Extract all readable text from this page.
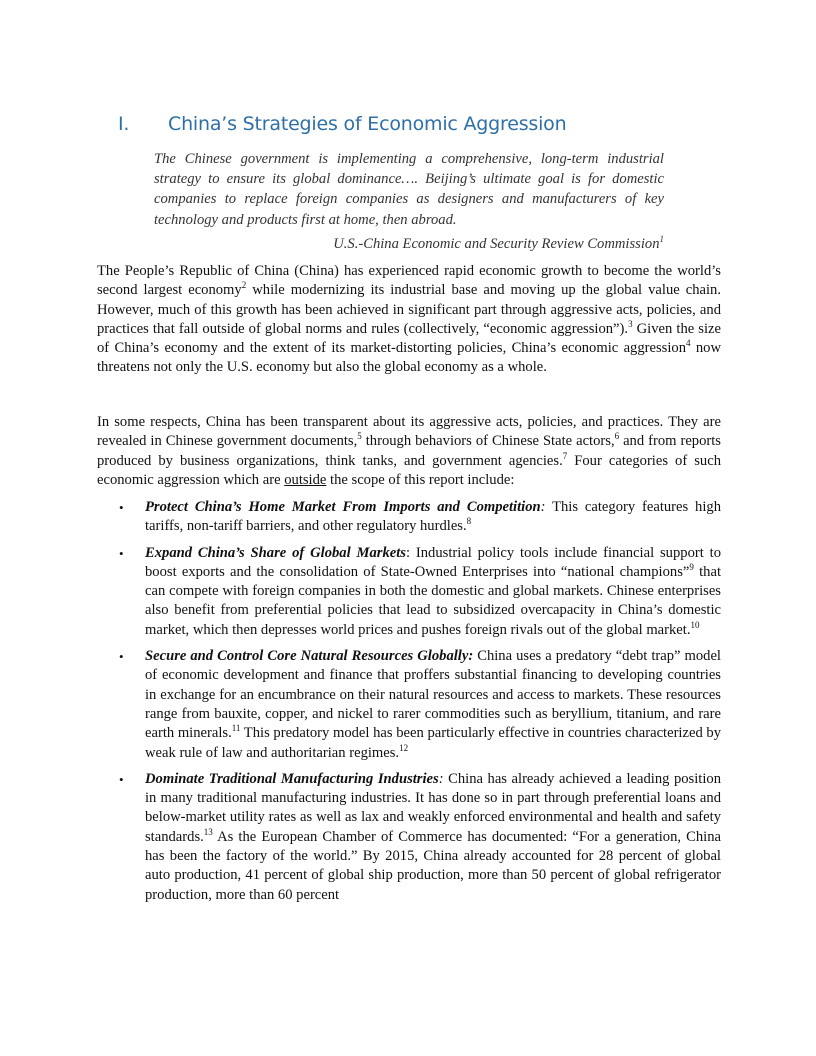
I. China’s Strategies of Economic Aggression

The Chinese government is implementing a comprehensive, long-term industrial strategy to ensure its global dominance…. Beijing’s ultimate goal is for domestic companies to replace foreign companies as designers and manufacturers of key technology and products first at home, then abroad.

U.S.-China Economic and Security Review Commission$^1$

The People’s Republic of China (China) has experienced rapid economic growth to become the world’s second largest economy$^2$ while modernizing its industrial base and moving up the global value chain. However, much of this growth has been achieved in significant part through aggressive acts, policies, and practices that fall outside of global norms and rules (collectively, “economic aggression”).$^3$ Given the size of China’s economy and the extent of its market-distorting policies, China’s economic aggression$^4$ now threatens not only the U.S. economy but also the global economy as a whole.

In some respects, China has been transparent about its aggressive acts, policies, and practices. They are revealed in Chinese government documents,$^5$ through behaviors of Chinese State actors,$^6$ and from reports produced by business organizations, think tanks, and government agencies.$^7$ Four categories of such economic aggression which are outside the scope of this report include:

• Protect China’s Home Market From Imports and Competition: This category features high tariffs, non-tariff barriers, and other regulatory hurdles.$^8$
• Expand China’s Share of Global Markets: Industrial policy tools include financial support to boost exports and the consolidation of State-Owned Enterprises into “national champions”$^9$ that can compete with foreign companies in both the domestic and global markets. Chinese enterprises also benefit from preferential policies that lead to subsidized overcapacity in China’s domestic market, which then depresses world prices and pushes foreign rivals out of the global market.$^{10}$
• Secure and Control Core Natural Resources Globally: China uses a predatory “debt trap” model of economic development and finance that proffers substantial financing to developing countries in exchange for an encumbrance on their natural resources and access to markets. These resources range from bauxite, copper, and nickel to rarer commodities such as beryllium, titanium, and rare earth minerals.$^{11}$ This predatory model has been particularly effective in countries characterized by weak rule of law and authoritarian regimes.$^{12}$
• Dominate Traditional Manufacturing Industries: China has already achieved a leading position in many traditional manufacturing industries. It has done so in part through preferential loans and below-market utility rates as well as lax and weakly enforced environmental and health and safety standards.$^{13}$ As the European Chamber of Commerce has documented: “For a generation, China has been the factory of the world.” By 2015, China already accounted for 28 percent of global auto production, 41 percent of global ship production, more than 50 percent of global refrigerator production, more than 60 percent
